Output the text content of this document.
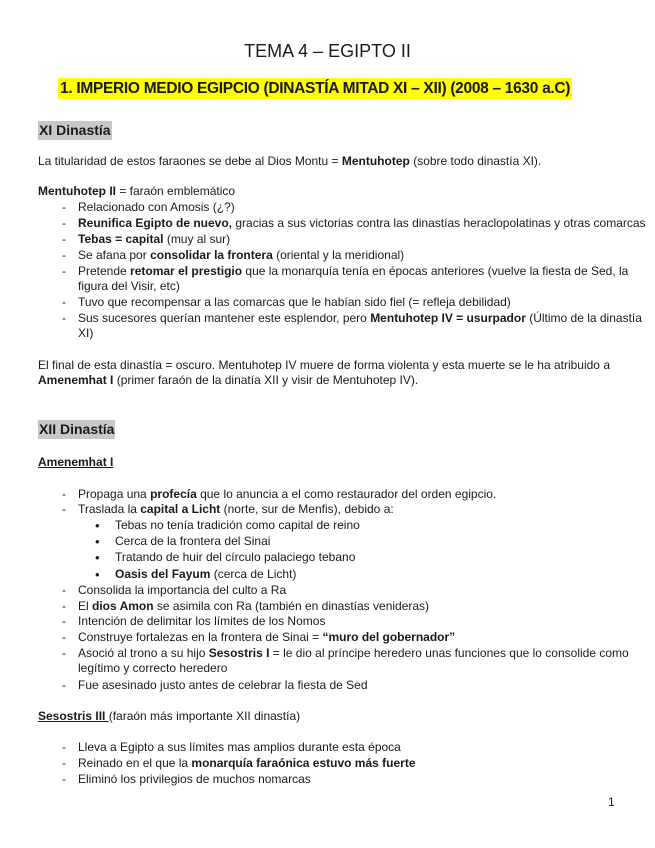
TEMA 4 – EGIPTO II
1. IMPERIO MEDIO EGIPCIO (DINASTÍA MITAD XI – XII) (2008 – 1630 a.C)
XI Dinastía
La titularidad de estos faraones se debe al Dios Montu = Mentuhotep (sobre todo dinastía XI).
Mentuhotep II = faraón emblemático
- Relacionado con Amosis (¿?)
- Reunifica Egipto de nuevo, gracias a sus victorias contra las dinastías heraclopolatinas y otras comarcas
- Tebas = capital (muy al sur)
- Se afana por consolidar la frontera (oriental y la meridional)
- Pretende retomar el prestigio que la monarquía tenía en épocas anteriores (vuelve la fiesta de Sed, la
figura del Visir, etc)
- Tuvo que recompensar a las comarcas que le habían sido fiel (= refleja debilidad)
- Sus sucesores querían mantener este esplendor, pero Mentuhotep IV = usurpador (Último de la dinastía
XI)
El final de esta dinastía = oscuro. Mentuhotep IV muere de forma violenta y esta muerte se le ha atribuido a
Amenemhat I (primer faraón de la dinatía XII y visir de Mentuhotep IV).
XII Dinastía
Amenemhat I
- Propaga una profecía que lo anuncia a el como restaurador del orden egipcio.
- Traslada la capital a Licht (norte, sur de Menfis), debido a:
• Tebas no tenía tradición como capital de reino
• Cerca de la frontera del Sinai
• Tratando de huir del círculo palaciego tebano
• Oasis del Fayum (cerca de Licht)
- Consolida la importancia del culto a Ra
- El dios Amon se asimila con Ra (también en dinastías venideras)
- Intención de delimitar los límites de los Nomos
- Construye fortalezas en la frontera de Sinai = “muro del gobernador”
- Asoció al trono a su hijo Sesostris I = le dio al príncipe heredero unas funciones que lo consolide como
legítimo y correcto heredero
- Fue asesinado justo antes de celebrar la fiesta de Sed
Sesostris III (faraón más importante XII dinastía)
- Lleva a Egipto a sus límites mas amplios durante esta época
- Reinado en el que la monarquía faraónica estuvo más fuerte
- Eliminó los privilegios de muchos nomarcas
1
